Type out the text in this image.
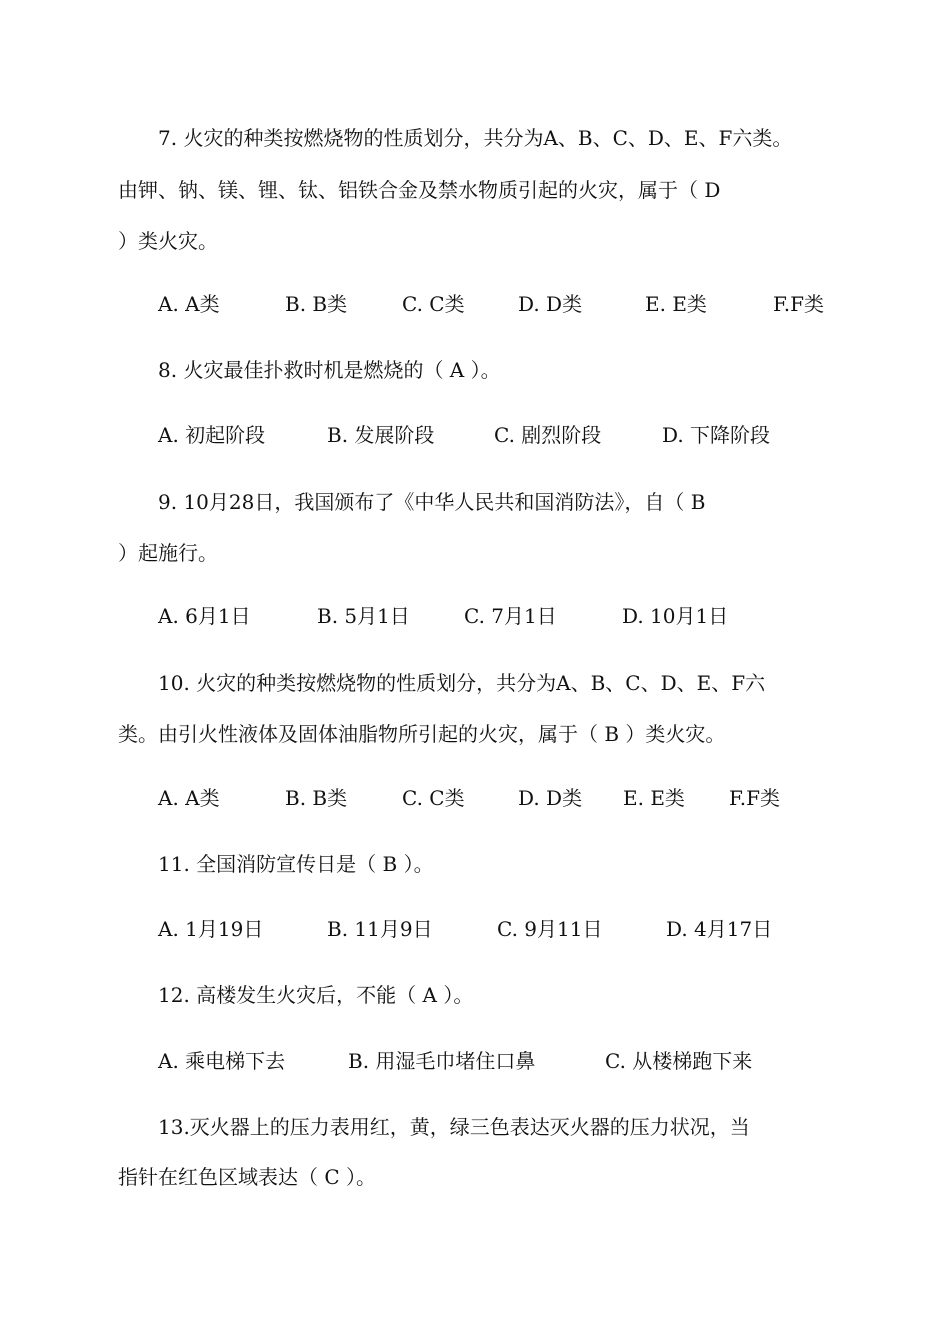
7. 火灾的种类按燃烧物的性质划分，共分为A、B、C、D、E、F六类。
由钾、钠、镁、锂、钛、铝铁合金及禁水物质引起的火灾，属于（ D
）类火灾。
A. A类	B. B类	C. C类	D. D类	E. E类	F.F类
8. 火灾最佳扑救时机是燃烧的（ A ）。
A. 初起阶段	B. 发展阶段	C. 剧烈阶段	D. 下降阶段
9. 10月28日，我国颁布了《中华人民共和国消防法》，自（ B
）起施行。
A. 6月1日	B. 5月1日	C. 7月1日	D. 10月1日
10. 火灾的种类按燃烧物的性质划分，共分为A、B、C、D、E、F六
类。由引火性液体及固体油脂物所引起的火灾，属于（ B ）类火灾。
A. A类	B. B类	C. C类	D. D类 E. E类 F.F类
11. 全国消防宣传日是（ B ）。
A. 1月19日	B. 11月9日	C. 9月11日	D. 4月17日
12. 高楼发生火灾后，不能（ A ）。
A. 乘电梯下去	B. 用湿毛巾堵住口鼻	C. 从楼梯跑下来
13.灭火器上的压力表用红，黄，绿三色表达灭火器的压力状况，当
指针在红色区域表达（ C ）。
